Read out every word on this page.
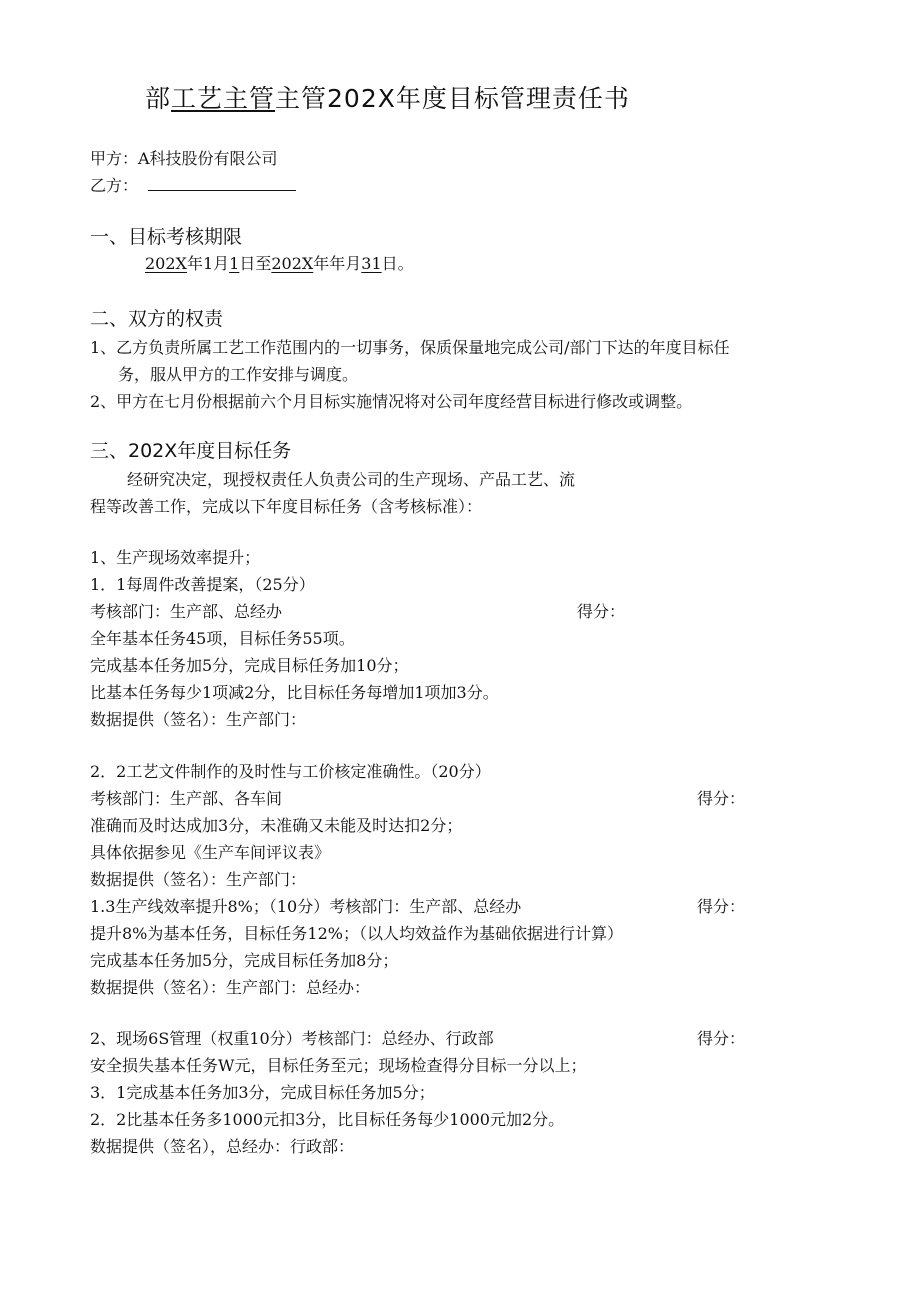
部工艺主管主管202X年度目标管理责任书
甲方：A科技股份有限公司
乙方：
一、目标考核期限
202X年1月1日至202X年年月31日。
二、双方的权责
1、乙方负责所属工艺工作范围内的一切事务，保质保量地完成公司/部门下达的年度目标任
务，服从甲方的工作安排与调度。
2、甲方在七月份根据前六个月目标实施情况将对公司年度经营目标进行修改或调整。
三、202X年度目标任务
经研究决定，现授权责任人负责公司的生产现场、产品工艺、流
程等改善工作，完成以下年度目标任务（含考核标准）：
1、生产现场效率提升；
1．1每周件改善提案，（25分）
考核部门：生产部、总经办	得分：
全年基本任务45项，目标任务55项。
完成基本任务加5分，完成目标任务加10分；
比基本任务每少1项减2分，比目标任务每增加1项加3分。
数据提供（签名）：生产部门：
2．2工艺文件制作的及时性与工价核定准确性。（20分）
考核部门：生产部、各车间	得分：
准确而及时达成加3分，未准确又未能及时达扣2分；
具体依据参见《生产车间评议表》
数据提供（签名）：生产部门：
1.3生产线效率提升8%；（10分）考核部门：生产部、总经办	得分：
提升8%为基本任务，目标任务12%；（以人均效益作为基础依据进行计算）
完成基本任务加5分，完成目标任务加8分；
数据提供（签名）：生产部门：总经办：
2、现场6S管理（权重10分）考核部门：总经办、行政部	得分：
安全损失基本任务W元，目标任务至元；现场检查得分目标一分以上；
3．1完成基本任务加3分，完成目标任务加5分；
2．2比基本任务多1000元扣3分，比目标任务每少1000元加2分。
数据提供（签名），总经办：行政部：
